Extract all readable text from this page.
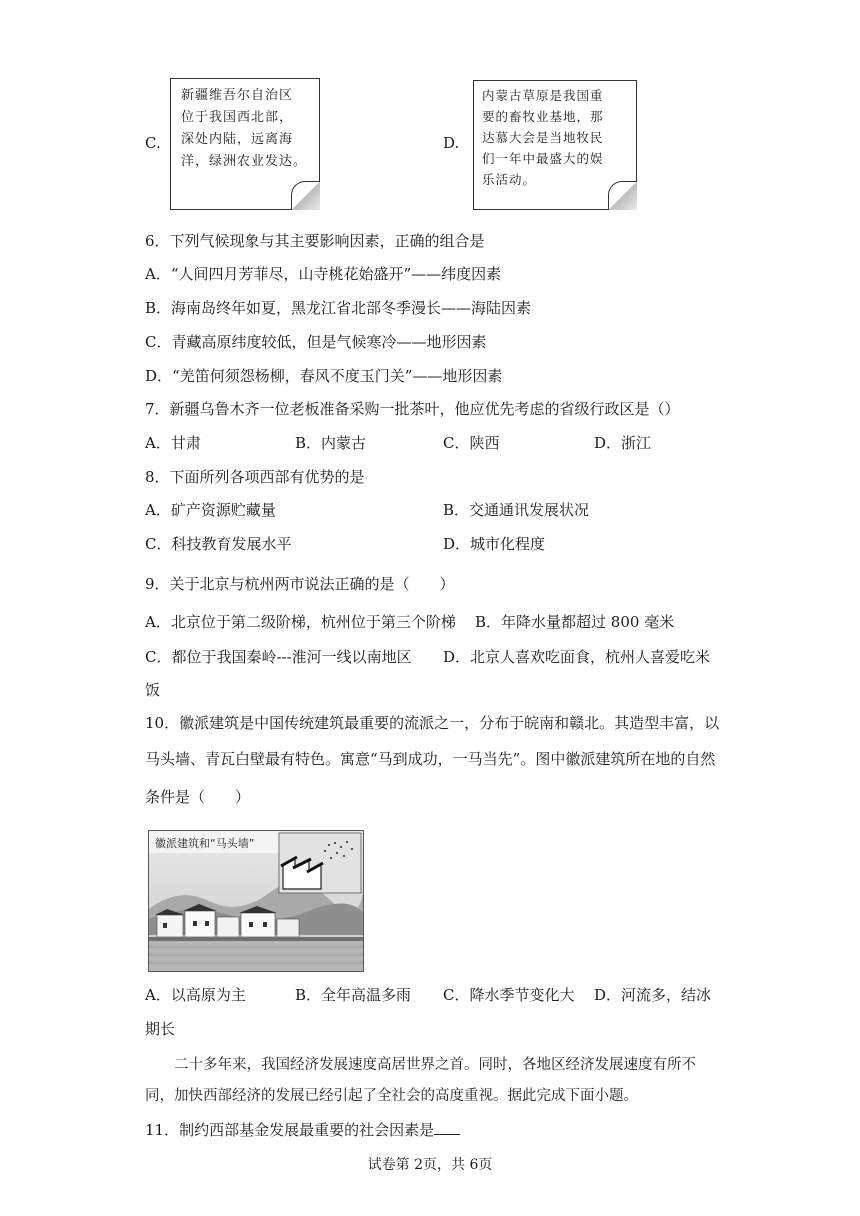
C.
新疆维吾尔自治区
位于我国西北部，
深处内陆，远离海
洋，绿洲农业发达。
D.
内蒙古草原是我国重
要的畜牧业基地，那
达慕大会是当地牧民
们一年中最盛大的娱
乐活动。
6．下列气候现象与其主要影响因素，正确的组合是
A．“人间四月芳菲尽，山寺桃花始盛开”——纬度因素
B．海南岛终年如夏，黑龙江省北部冬季漫长——海陆因素
C．青藏高原纬度较低，但是气候寒冷——地形因素
D．“羌笛何须怨杨柳，春风不度玉门关”——地形因素
7．新疆乌鲁木齐一位老板准备采购一批茶叶，他应优先考虑的省级行政区是（）
A．甘肃	B．内蒙古	C．陕西	D．浙江
8．下面所列各项西部有优势的是
A．矿产资源贮藏量	B．交通通讯发展状况
C．科技教育发展水平	D．城市化程度
9．关于北京与杭州两市说法正确的是（　　）
A．北京位于第二级阶梯，杭州位于第三个阶梯 B．年降水量都超过 800 毫米
C．都位于我国秦岭---淮河一线以南地区 D．北京人喜欢吃面食，杭州人喜爱吃米
饭
10．徽派建筑是中国传统建筑最重要的流派之一，分布于皖南和赣北。其造型丰富，以
马头墙、青瓦白壁最有特色。寓意“马到成功，一马当先”。图中徽派建筑所在地的自然
条件是（　　）
徽派建筑和“马头墙”
A．以高原为主	B．全年高温多雨 C．降水季节变化大 D．河流多，结冰
期长
二十多年来，我国经济发展速度高居世界之首。同时，各地区经济发展速度有所不
同，加快西部经济的发展已经引起了全社会的高度重视。据此完成下面小题。
11．制约西部基金发展最重要的社会因素是
试卷第 2页，共 6页
